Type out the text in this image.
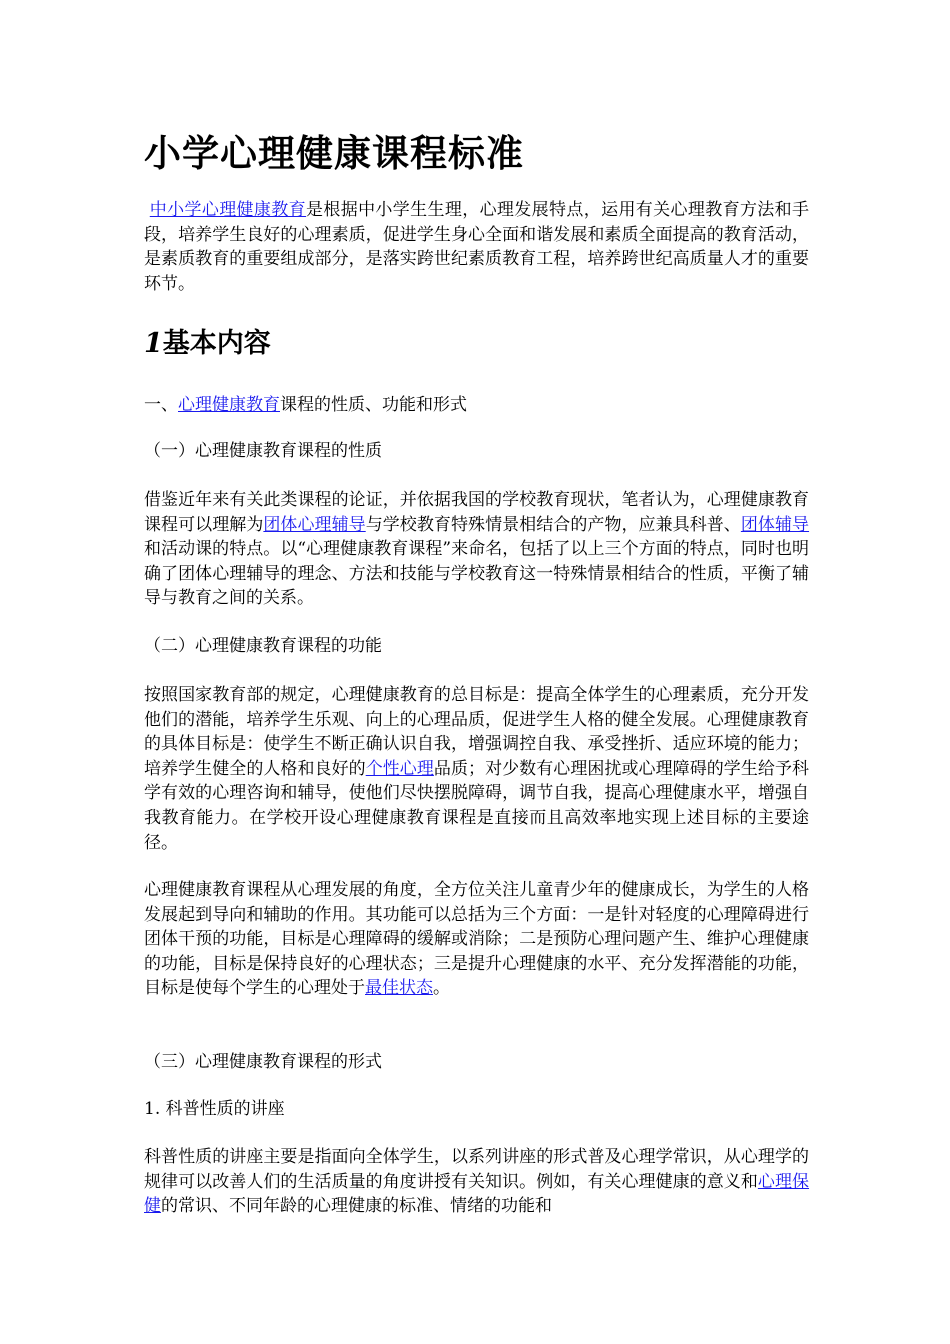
小学心理健康课程标准

中小学心理健康教育是根据中小学生生理，心理发展特点，运用有关心理教育方法和手段，培养学生良好的心理素质，促进学生身心全面和谐发展和素质全面提高的教育活动，是素质教育的重要组成部分，是落实跨世纪素质教育工程，培养跨世纪高质量人才的重要环节。

1基本内容

一、心理健康教育课程的性质、功能和形式

（一）心理健康教育课程的性质

借鉴近年来有关此类课程的论证，并依据我国的学校教育现状，笔者认为，心理健康教育课程可以理解为团体心理辅导与学校教育特殊情景相结合的产物，应兼具科普、团体辅导和活动课的特点。以“心理健康教育课程”来命名，包括了以上三个方面的特点，同时也明确了团体心理辅导的理念、方法和技能与学校教育这一特殊情景相结合的性质，平衡了辅导与教育之间的关系。

（二）心理健康教育课程的功能

按照国家教育部的规定，心理健康教育的总目标是：提高全体学生的心理素质，充分开发他们的潜能，培养学生乐观、向上的心理品质，促进学生人格的健全发展。心理健康教育的具体目标是：使学生不断正确认识自我，增强调控自我、承受挫折、适应环境的能力；培养学生健全的人格和良好的个性心理品质；对少数有心理困扰或心理障碍的学生给予科学有效的心理咨询和辅导，使他们尽快摆脱障碍，调节自我，提高心理健康水平，增强自我教育能力。在学校开设心理健康教育课程是直接而且高效率地实现上述目标的主要途径。

心理健康教育课程从心理发展的角度，全方位关注儿童青少年的健康成长，为学生的人格发展起到导向和辅助的作用。其功能可以总括为三个方面：一是针对轻度的心理障碍进行团体干预的功能，目标是心理障碍的缓解或消除；二是预防心理问题产生、维护心理健康的功能，目标是保持良好的心理状态；三是提升心理健康的水平、充分发挥潜能的功能，目标是使每个学生的心理处于最佳状态。

（三）心理健康教育课程的形式

1. 科普性质的讲座

科普性质的讲座主要是指面向全体学生，以系列讲座的形式普及心理学常识，从心理学的规律可以改善人们的生活质量的角度讲授有关知识。例如，有关心理健康的意义和心理保健的常识、不同年龄的心理健康的标准、情绪的功能和
